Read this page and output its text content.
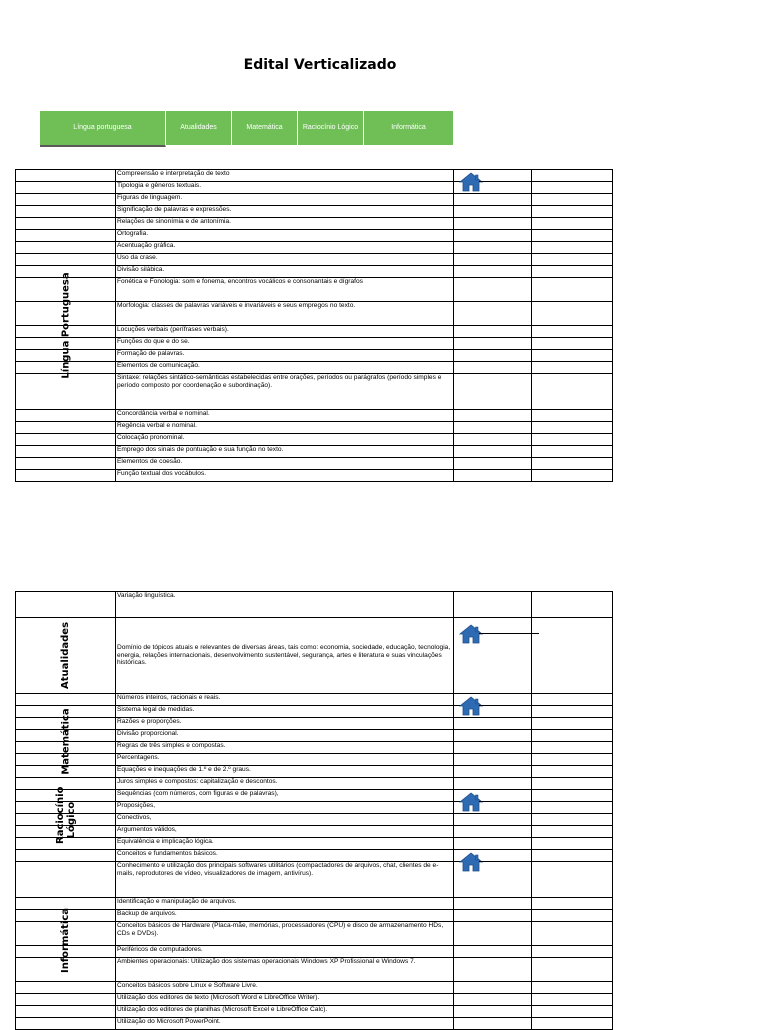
Edital Verticalizado
Língua portuguesa	Atualidades	Matemática	Raciocínio Lógico	Informática
Compreensão e interpretação de texto
Tipologia e gêneros textuais.
Figuras de linguagem.
Significação de palavras e expressões.
Relações de sinonímia e de antonímia.
Ortografia.
Acentuação gráfica.
Uso da crase.
Divisão silábica.
Fonética e Fonologia: som e fonema, encontros vocálicos e consonantais e dígrafos
Morfologia: classes de palavras variáveis e invariáveis e seus empregos no texto.
Locuções verbais (perífrases verbais).
Funções do que e do se.
Formação de palavras.
Elementos de comunicação.
Sintaxe: relações sintático-semânticas estabelecidas entre orações, períodos ou parágrafos (período simples e período composto por coordenação e subordinação).
Concordância verbal e nominal.
Regência verbal e nominal.
Colocação pronominal.
Emprego dos sinais de pontuação e sua função no texto.
Elementos de coesão.
Função textual dos vocábulos.
Língua Portuguesa
Variação linguística.
Domínio de tópicos atuais e relevantes de diversas áreas, tais como: economia, sociedade, educação, tecnologia, energia, relações internacionais, desenvolvimento sustentável, segurança, artes e literatura e suas vinculações históricas.
Atualidades
Números inteiros, racionais e reais.
Sistema legal de medidas.
Razões e proporções.
Divisão proporcional.
Regras de três simples e compostas.
Percentagens.
Equações e inequações de 1.º e de 2.º graus.
Juros simples e compostos: capitalização e descontos.
Matemática
Sequências (com números, com figuras e de palavras),
Proposições,
Conectivos,
Argumentos válidos,
Equivalência e implicação lógica.
Raciocínio Lógico
Conceitos e fundamentos básicos.
Conhecimento e utilização dos principais softwares utilitários (compactadores de arquivos, chat, clientes de e-mails, reprodutores de vídeo, visualizadores de imagem, antivírus).
Identificação e manipulação de arquivos.
Backup de arquivos.
Conceitos básicos de Hardware (Placa-mãe, memórias, processadores (CPU) e disco de armazenamento HDs, CDs e DVDs).
Periféricos de computadores.
Ambientes operacionais: Utilização dos sistemas operacionais Windows XP Profissional e Windows 7.
Conceitos básicos sobre Linux e Software Livre.
Utilização dos editores de texto (Microsoft Word e LibreOffice Writer).
Utilização dos editores de planilhas (Microsoft Excel e LibreOffice Calc).
Utilização do Microsoft PowerPoint.
Informática
